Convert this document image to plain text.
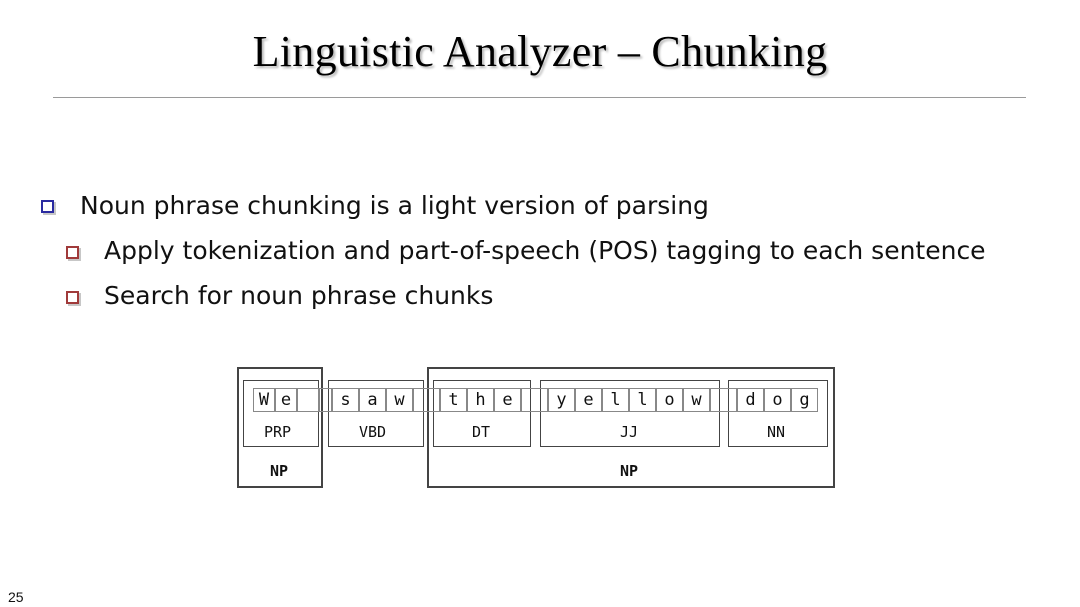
Linguistic Analyzer – Chunking
Noun phrase chunking is a light version of parsing
Apply tokenization and part-of-speech (POS) tagging to each sentence
Search for noun phrase chunks
NP	NP
PRP	VBD	DT	JJ	NN
W e	s a w	t h e	y e l l o w	d o g
25
